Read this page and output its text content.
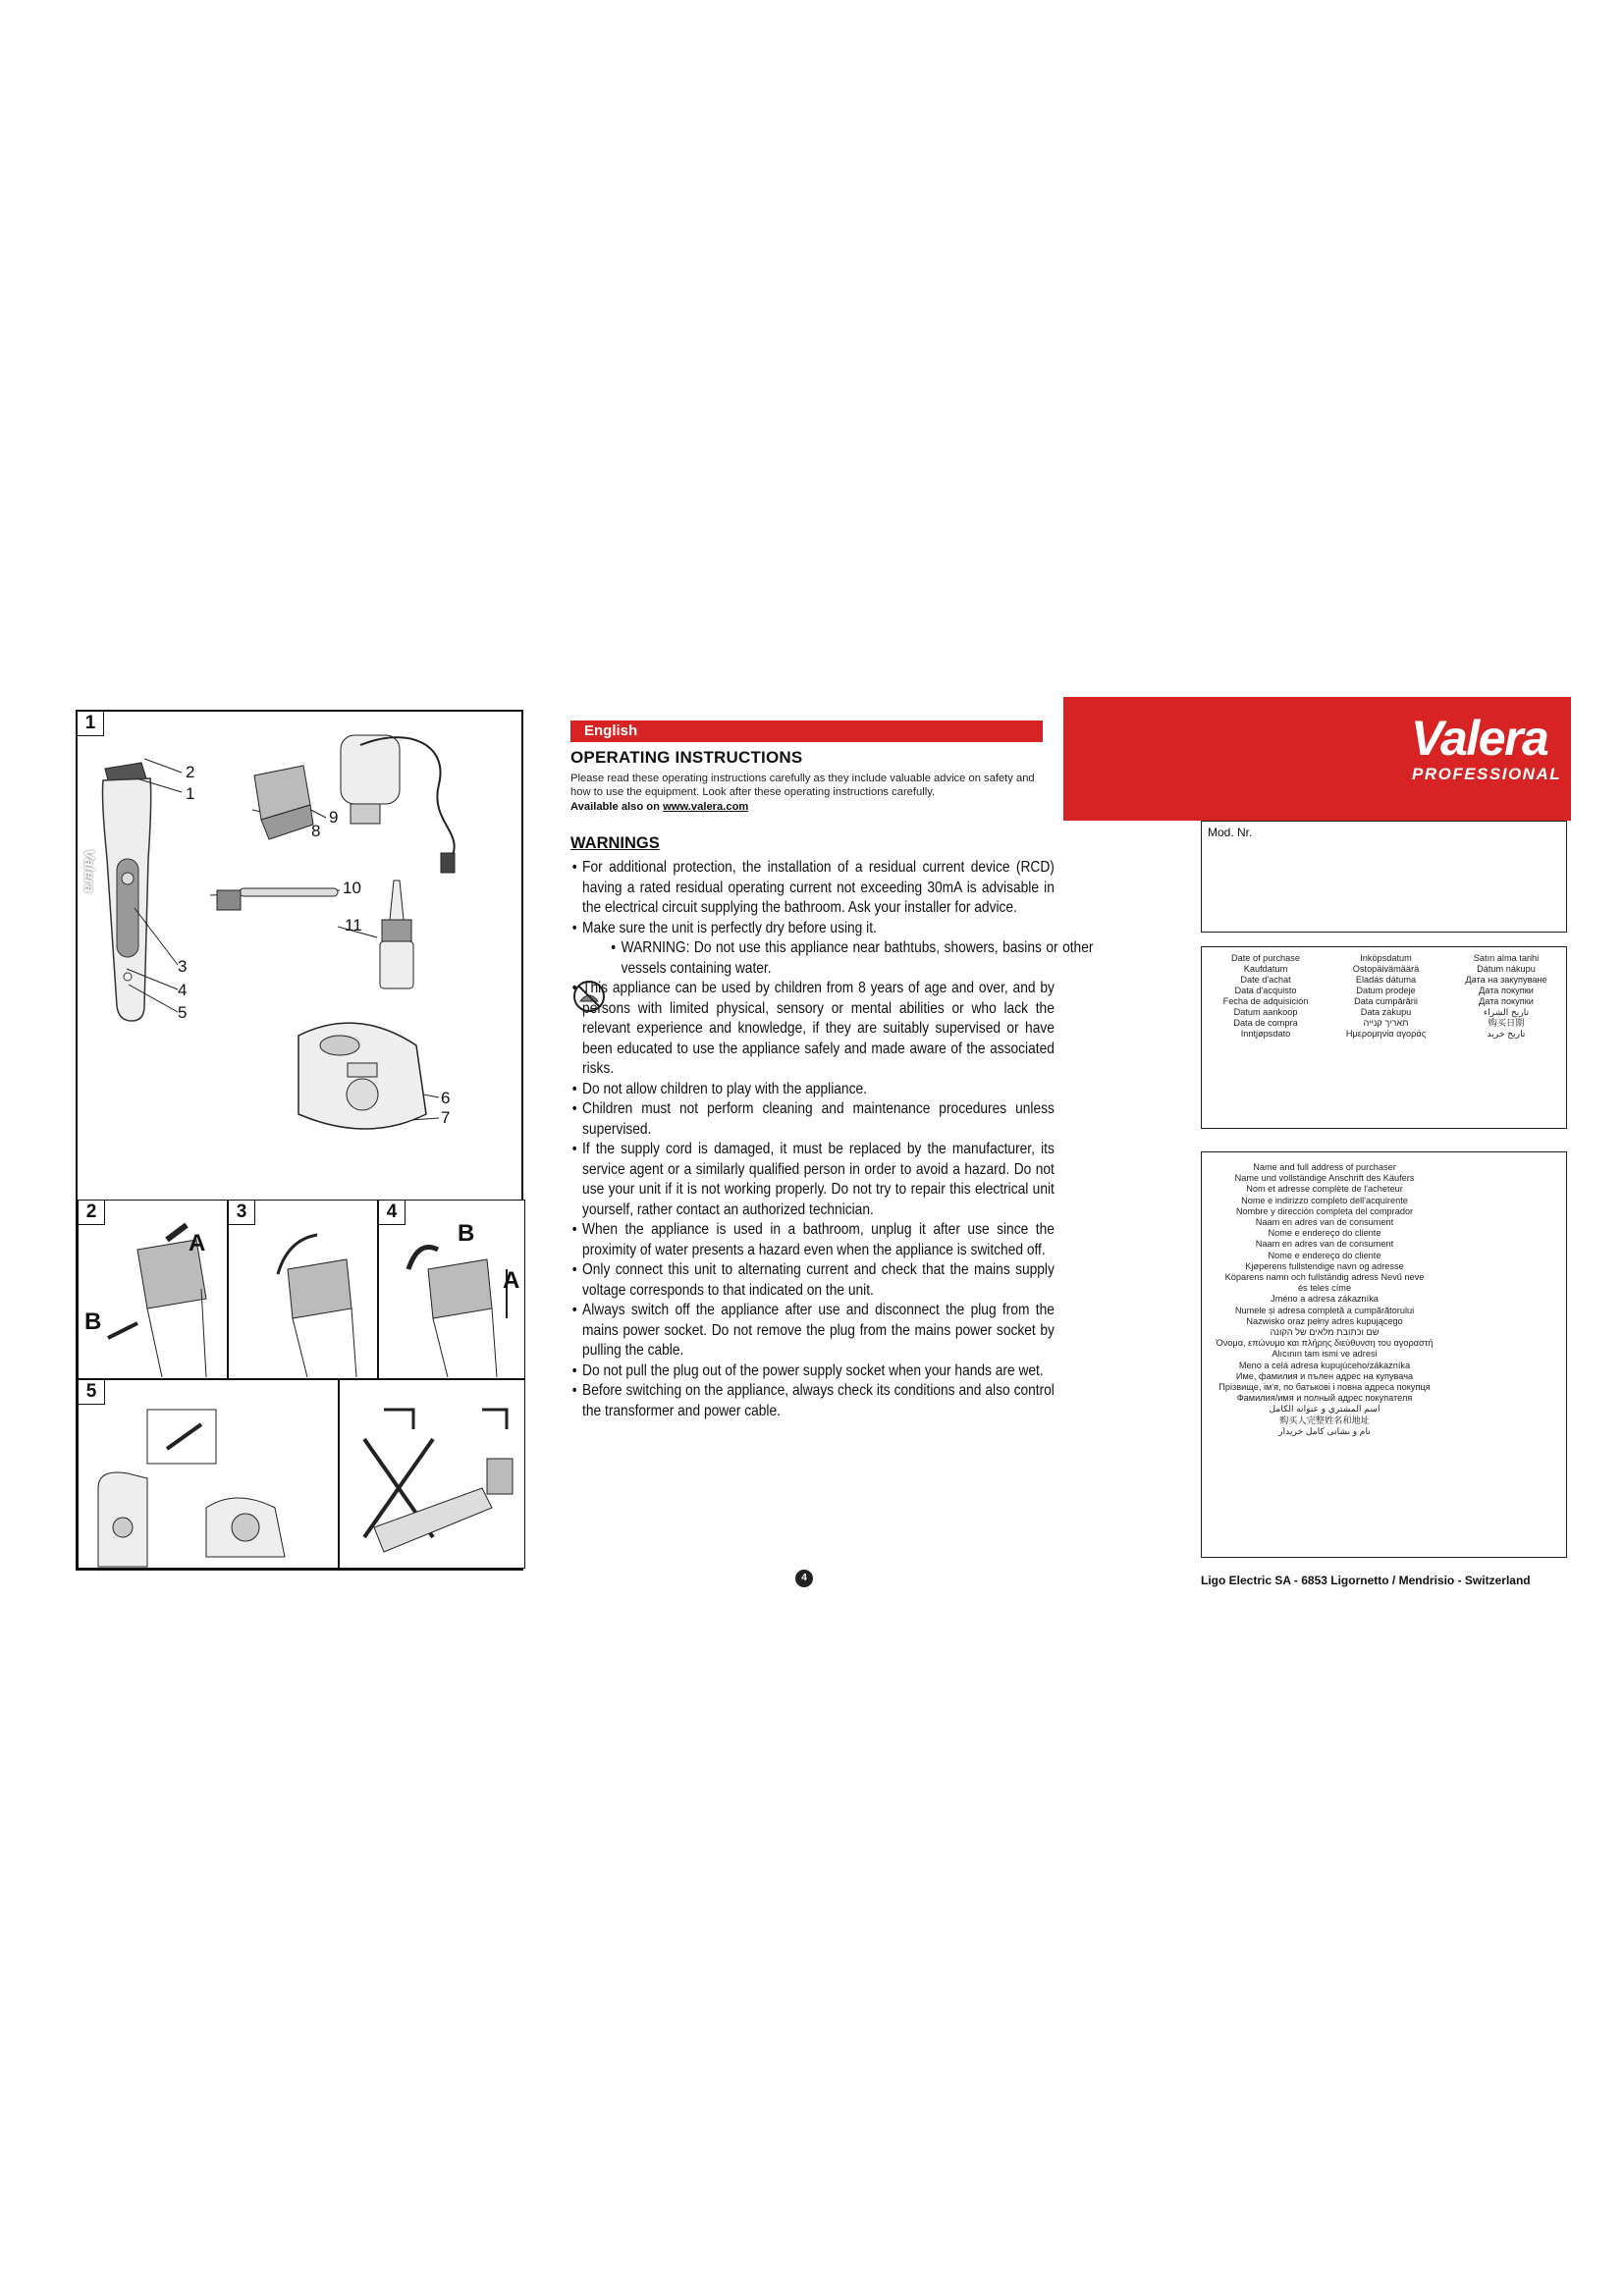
1
Valera
2
1
3
4
5
8
9
10
11
6
7
2
A
B
3	4
B
A
5
English
OPERATING INSTRUCTIONS
Please read these operating instructions carefully as they include valuable advice on safety and how to use the equipment. Look after these operating instructions carefully.
Available also on www.valera.com
WARNINGS
• For additional protection, the installation of a residual current device (RCD) having a rated residual operating current not exceeding 30mA is advisable in the electrical circuit supplying the bathroom. Ask your installer for advice.
• Make sure the unit is perfectly dry before using it.
• WARNING: Do not use this appliance near bathtubs, showers, basins or other vessels containing water.
• This appliance can be used by children from 8 years of age and over, and by persons with limited physical, sensory or mental abilities or who lack the relevant experience and knowledge, if they are suitably supervised or have been educated to use the appliance safely and made aware of the associated risks.
• Do not allow children to play with the appliance.
• Children must not perform cleaning and maintenance procedures unless supervised.
• If the supply cord is damaged, it must be replaced by the manufacturer, its service agent or a similarly qualified person in order to avoid a hazard. Do not use your unit if it is not working properly. Do not try to repair this electrical unit yourself, rather contact an authorized technician.
• When the appliance is used in a bathroom, unplug it after use since the proximity of water presents a hazard even when the appliance is switched off.
• Only connect this unit to alternating current and check that the mains supply voltage corresponds to that indicated on the unit.
• Always switch off the appliance after use and disconnect the plug from the mains power socket. Do not remove the plug from the mains power socket by pulling the cable.
• Do not pull the plug out of the power supply socket when your hands are wet.
• Before switching on the appliance, always check its conditions and also control the transformer and power cable.
4
Valera
PROFESSIONAL
Mod. Nr.
Date of purchase
Kaufdatum
Date d'achat
Data d'acquisto
Fecha de adquisición
Datum aankoop
Data de compra
Inntjøpsdato
Inköpsdatum
Ostopäivämäärä
Eladás dátuma
Datum prodeje
Data cumpărării
Data zakupu
תאריך קנייה
Ημερομηνία αγοράς
Satın alma tarihi
Dátum nákupu
Дата на закупуване
Дата покупки
Дата покупки
تاريخ الشراء
购买日期
تاریخ خرید
Name and full address of purchaser
Name und vollständige Anschrift des Käufers
Nom et adresse complète de l'acheteur
Nome e indirizzo completo dell'acquirente
Nombre y dirección completa del comprador
Naam en adres van de consument
Nome e endereço do cliente
Naam en adres van de consument
Nome e endereço do cliente
Kjøperens fullstendige navn og adresse
Köparens namn och fullständig adress Nevű neve
és teles címe
Jméno a adresa zákazníka
Numele și adresa completă a cumpărătorului
Nazwisko oraz pełny adres kupującego
שם וכתובת מלאים של הקונה
Όνομα, επώνυμο και πλήρης διεύθυνση του αγοραστή
Alıcının tam ismi ve adresi
Meno a celá adresa kupujúceho/zákazníka
Име, фамилия и пълен адрес на купувача
Прізвище, ім'я, по батькові і повна адреса покупця
Фамилия/имя и полный адрес покупателя
اسم المشتري و عنوانه الكامل
购买人完整姓名和地址
نام و نشانی کامل خریدار
Ligo Electric SA - 6853 Ligornetto / Mendrisio - Switzerland
